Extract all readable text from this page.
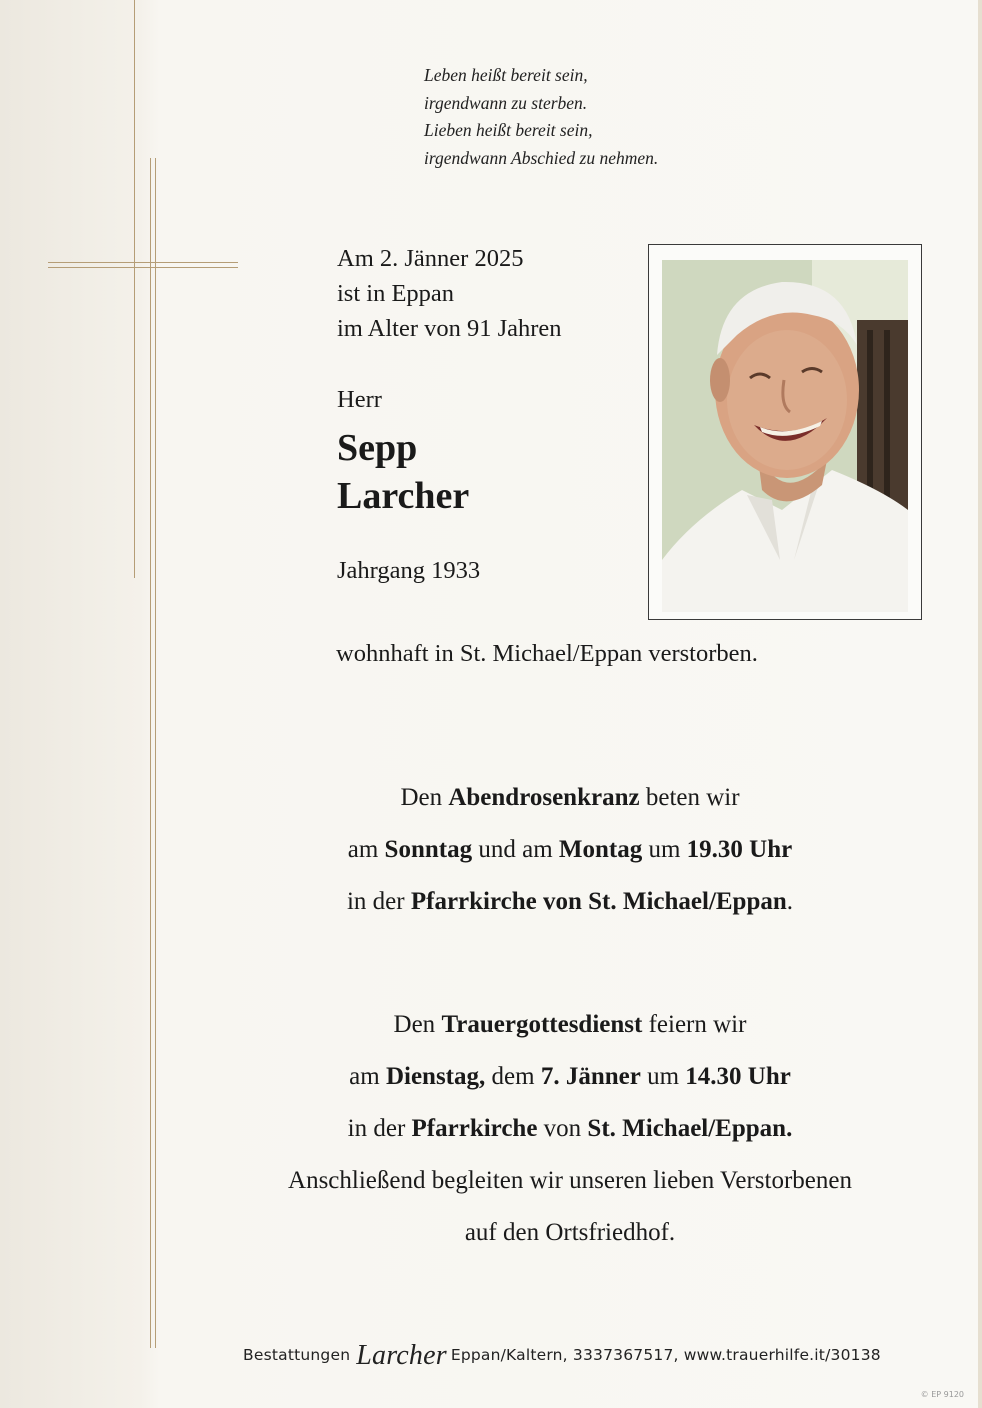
Leben heißt bereit sein,
irgendwann zu sterben.
Lieben heißt bereit sein,
irgendwann Abschied zu nehmen.
Am 2. Jänner 2025
ist in Eppan
im Alter von 91 Jahren
Herr
Sepp
Larcher
Jahrgang 1933
wohnhaft in St. Michael/Eppan verstorben.
Den Abendrosenkranz beten wir
am Sonntag und am Montag um 19.30 Uhr
in der Pfarrkirche von St. Michael/Eppan.
Den Trauergottesdienst feiern wir
am Dienstag, dem 7. Jänner um 14.30 Uhr
in der Pfarrkirche von St. Michael/Eppan.
Anschließend begleiten wir unseren lieben Verstorbenen
auf den Ortsfriedhof.
Bestattungen Larcher Eppan/Kaltern, 3337367517, www.trauerhilfe.it/30138
© EP 9120
